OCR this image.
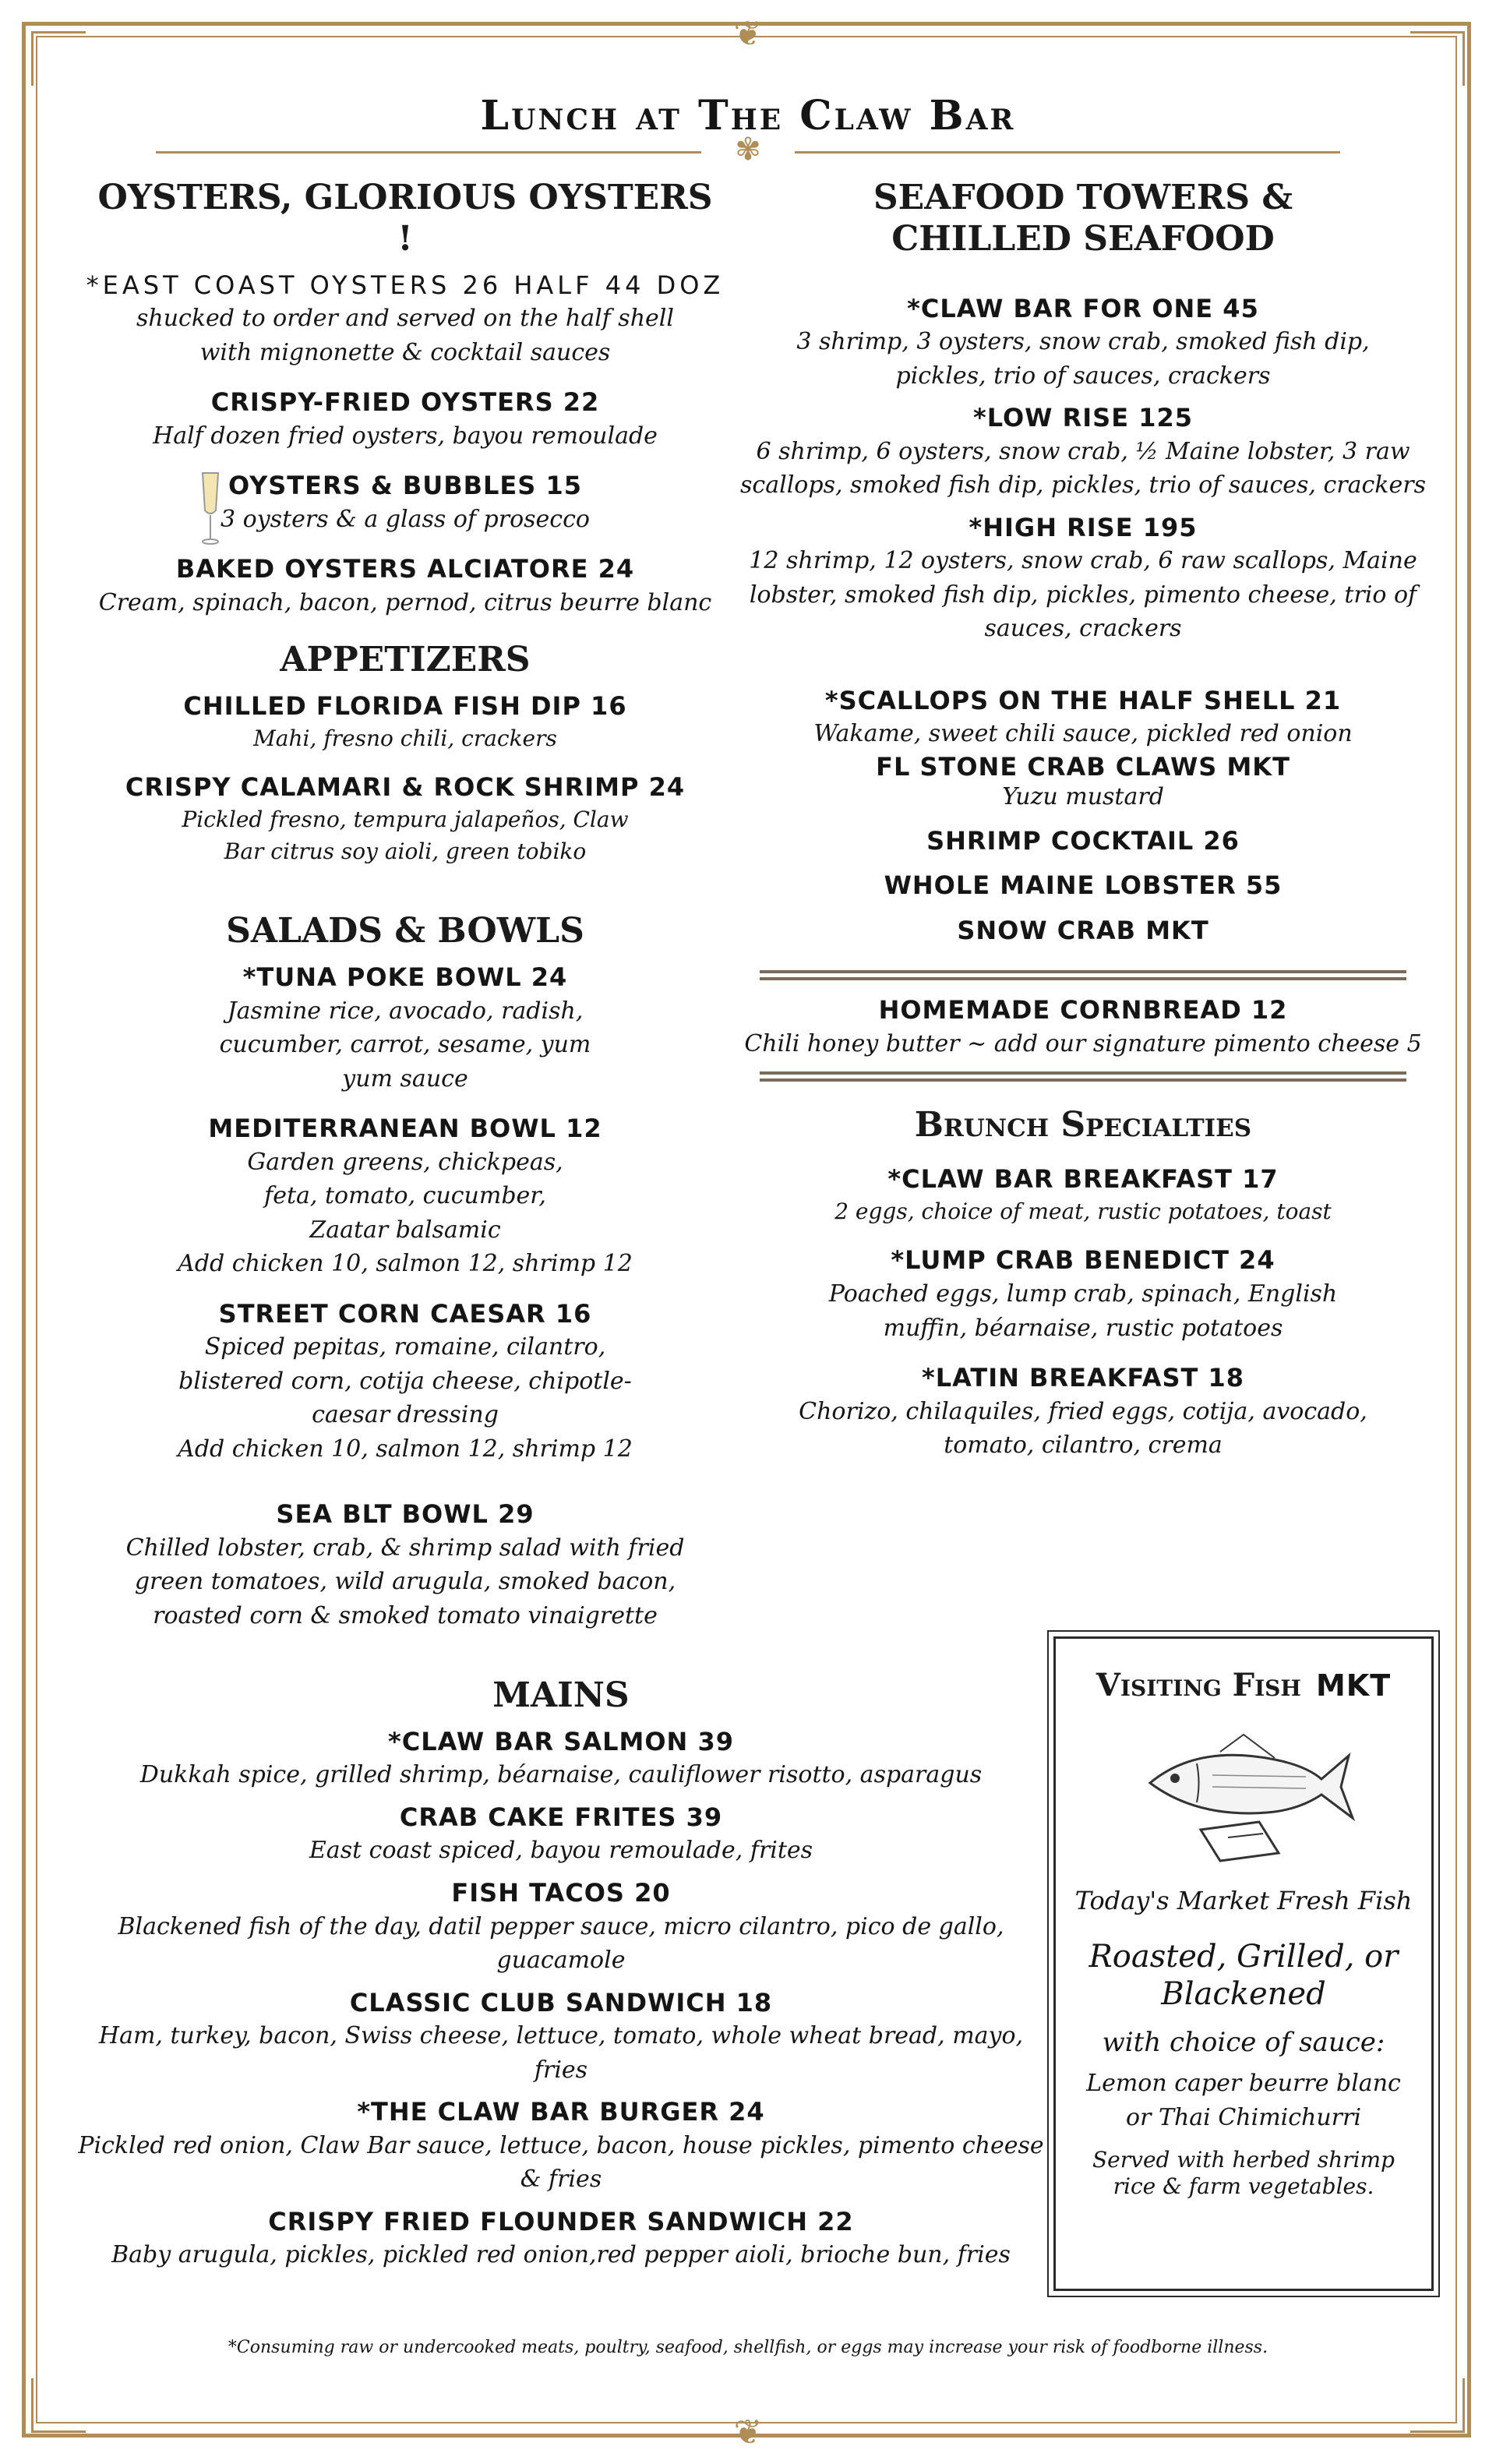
❦
❦
Lunch at The Claw Bar
✾
OYSTERS, GLORIOUS OYSTERS !
*EAST COAST OYSTERS 26 HALF 44 DOZ
shucked to order and served on the half shell with mignonette & cocktail sauces
CRISPY-FRIED OYSTERS 22
Half dozen fried oysters, bayou remoulade
OYSTERS & BUBBLES 15
3 oysters & a glass of prosecco
BAKED OYSTERS ALCIATORE 24
Cream, spinach, bacon, pernod, citrus beurre blanc
APPETIZERS
CHILLED FLORIDA FISH DIP 16
Mahi, fresno chili, crackers
CRISPY CALAMARI & ROCK SHRIMP 24
Pickled fresno, tempura jalapeños, Claw Bar citrus soy aioli, green tobiko
SALADS & BOWLS
*TUNA POKE BOWL 24
Jasmine rice, avocado, radish, cucumber, carrot, sesame, yum yum sauce
MEDITERRANEAN BOWL 12
Garden greens, chickpeas, feta, tomato, cucumber, Zaatar balsamic
Add chicken 10, salmon 12, shrimp 12
STREET CORN CAESAR 16
Spiced pepitas, romaine, cilantro, blistered corn, cotija cheese, chipotle-caesar dressing
Add chicken 10, salmon 12, shrimp 12
SEA BLT BOWL 29
Chilled lobster, crab, & shrimp salad with fried green tomatoes, wild arugula, smoked bacon, roasted corn & smoked tomato vinaigrette
MAINS
*CLAW BAR SALMON 39
Dukkah spice, grilled shrimp, béarnaise, cauliflower risotto, asparagus
CRAB CAKE FRITES 39
East coast spiced, bayou remoulade, frites
FISH TACOS 20
Blackened fish of the day, datil pepper sauce, micro cilantro, pico de gallo, guacamole
CLASSIC CLUB SANDWICH 18
Ham, turkey, bacon, Swiss cheese, lettuce, tomato, whole wheat bread, mayo, fries
*THE CLAW BAR BURGER 24
Pickled red onion, Claw Bar sauce, lettuce, bacon, house pickles, pimento cheese & fries
CRISPY FRIED FLOUNDER SANDWICH 22
Baby arugula, pickles, pickled red onion,red pepper aioli, brioche bun, fries
SEAFOOD TOWERS &
CHILLED SEAFOOD
*CLAW BAR FOR ONE 45
3 shrimp, 3 oysters, snow crab, smoked fish dip, pickles, trio of sauces, crackers
*LOW RISE 125
6 shrimp, 6 oysters, snow crab, ½ Maine lobster, 3 raw scallops, smoked fish dip, pickles, trio of sauces, crackers
*HIGH RISE 195
12 shrimp, 12 oysters, snow crab, 6 raw scallops, Maine lobster, smoked fish dip, pickles, pimento cheese, trio of sauces, crackers
*SCALLOPS ON THE HALF SHELL 21
Wakame, sweet chili sauce, pickled red onion
FL STONE CRAB CLAWS MKT
Yuzu mustard
SHRIMP COCKTAIL 26
WHOLE MAINE LOBSTER 55
SNOW CRAB MKT
HOMEMADE CORNBREAD 12
Chili honey butter ~ add our signature pimento cheese 5
Brunch Specialties
*CLAW BAR BREAKFAST 17
2 eggs, choice of meat, rustic potatoes, toast
*LUMP CRAB BENEDICT 24
Poached eggs, lump crab, spinach, English muffin, béarnaise, rustic potatoes
*LATIN BREAKFAST 18
Chorizo, chilaquiles, fried eggs, cotija, avocado, tomato, cilantro, crema
Visiting Fish MKT
Today's Market Fresh Fish
Roasted, Grilled, or Blackened
with choice of sauce:
Lemon caper beurre blanc or Thai Chimichurri
Served with herbed shrimp rice & farm vegetables.
*Consuming raw or undercooked meats, poultry, seafood, shellfish, or eggs may increase your risk of foodborne illness.
